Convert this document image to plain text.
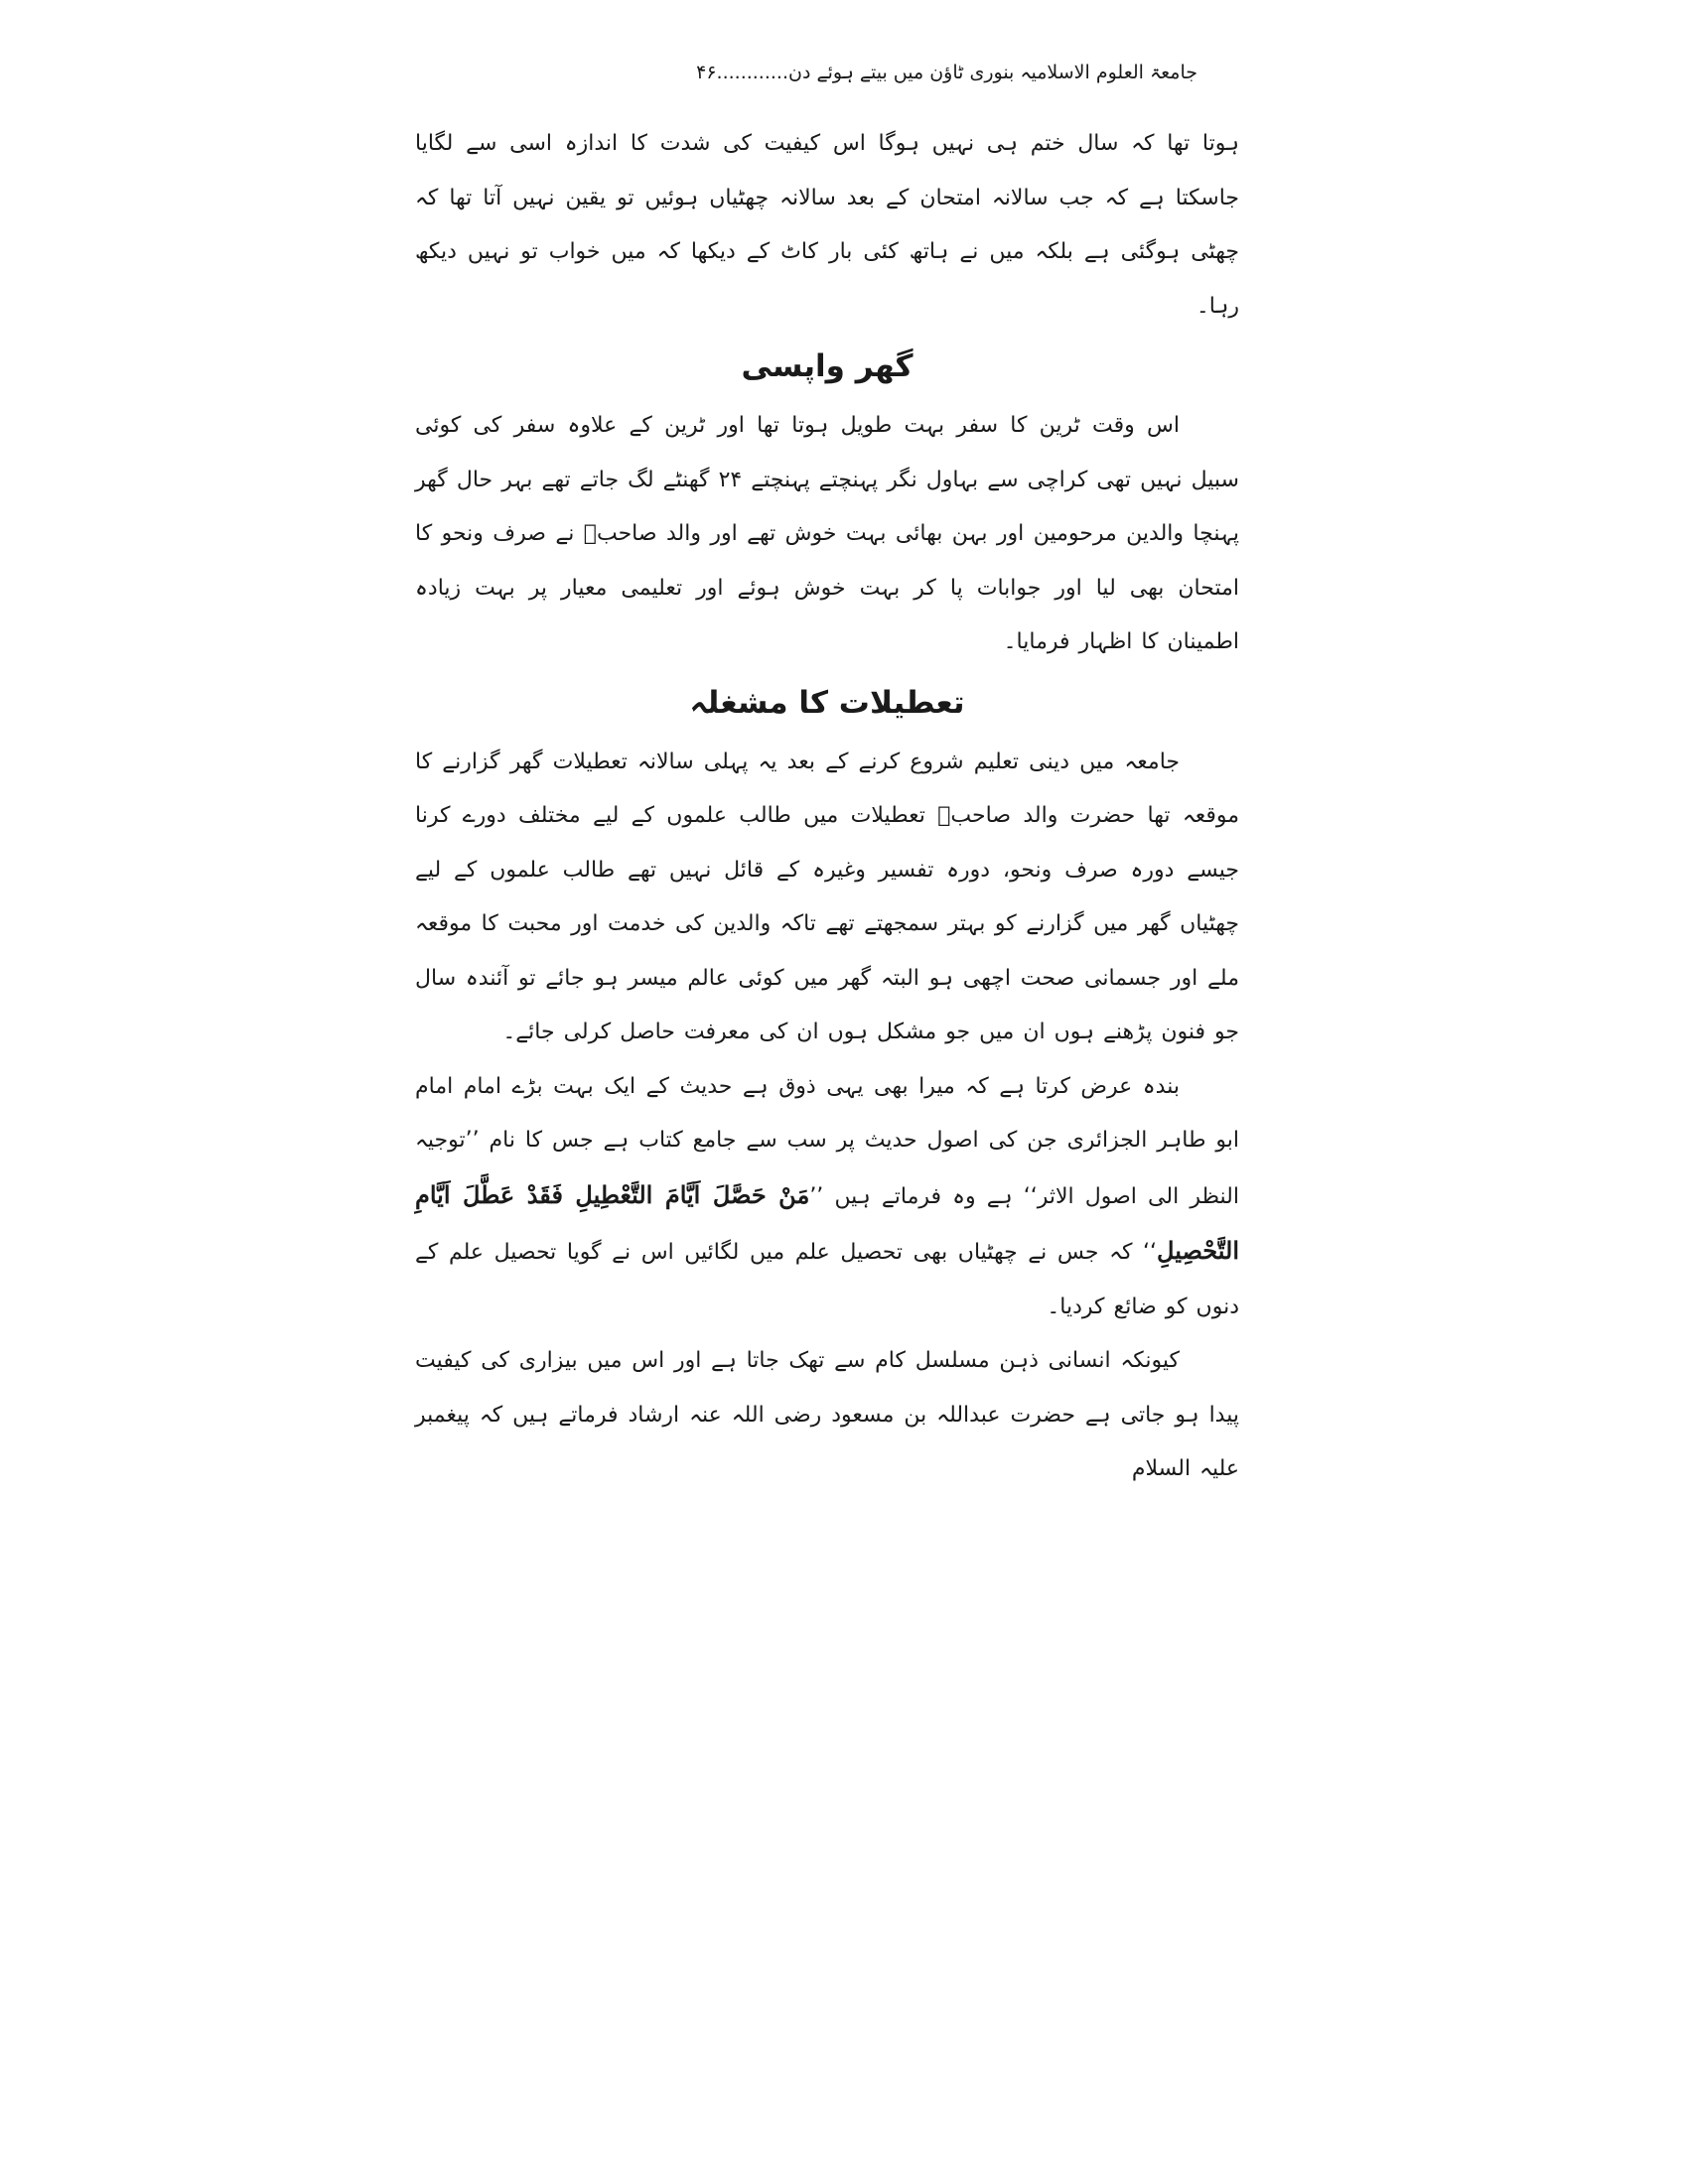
جامعۃ العلوم الاسلامیہ بنوری ٹاؤن میں بیتے ہوئے دن............۴۶

ہوتا تھا کہ سال ختم ہی نہیں ہوگا اس کیفیت کی شدت کا اندازہ اسی سے لگایا جاسکتا ہے کہ جب سالانہ امتحان کے بعد سالانہ چھٹیاں ہوئیں تو یقین نہیں آتا تھا کہ چھٹی ہوگئی ہے بلکہ میں نے ہاتھ کئی بار کاٹ کے دیکھا کہ میں خواب تو نہیں دیکھ رہا۔

گھر واپسی

اس وقت ٹرین کا سفر بہت طویل ہوتا تھا اور ٹرین کے علاوہ سفر کی کوئی سبیل نہیں تھی کراچی سے بہاول نگر پہنچتے پہنچتے ۲۴ گھنٹے لگ جاتے تھے بہر حال گھر پہنچا والدین مرحومین اور بہن بھائی بہت خوش تھے اور والد صاحبؒ نے صرف ونحو کا امتحان بھی لیا اور جوابات پا کر بہت خوش ہوئے اور تعلیمی معیار پر بہت زیادہ اطمینان کا اظہار فرمایا۔

تعطیلات کا مشغلہ

جامعہ میں دینی تعلیم شروع کرنے کے بعد یہ پہلی سالانہ تعطیلات گھر گزارنے کا موقعہ تھا حضرت والد صاحبؒ تعطیلات میں طالب علموں کے لیے مختلف دورے کرنا جیسے دورہ صرف ونحو، دورہ تفسیر وغیرہ کے قائل نہیں تھے طالب علموں کے لیے چھٹیاں گھر میں گزارنے کو بہتر سمجھتے تھے تاکہ والدین کی خدمت اور محبت کا موقعہ ملے اور جسمانی صحت اچھی ہو البتہ گھر میں کوئی عالم میسر ہو جائے تو آئندہ سال جو فنون پڑھنے ہوں ان میں جو مشکل ہوں ان کی معرفت حاصل کرلی جائے۔

بندہ عرض کرتا ہے کہ میرا بھی یہی ذوق ہے حدیث کے ایک بہت بڑے امام امام ابو طاہر الجزائری جن کی اصول حدیث پر سب سے جامع کتاب ہے جس کا نام ’’توجیہ النظر الی اصول الاثر‘‘ ہے وہ فرماتے ہیں ’’مَنْ حَصَّلَ اَيَّامَ التَّعْطِيلِ فَقَدْ عَطَّلَ اَيَّامِ التَّحْصِيلِ‘‘ کہ جس نے چھٹیاں بھی تحصیل علم میں لگائیں اس نے گویا تحصیل علم کے دنوں کو ضائع کردیا۔

کیونکہ انسانی ذہن مسلسل کام سے تھک جاتا ہے اور اس میں بیزاری کی کیفیت پیدا ہو جاتی ہے حضرت عبداللہ بن مسعود رضی اللہ عنہ ارشاد فرماتے ہیں کہ پیغمبر علیہ السلام
